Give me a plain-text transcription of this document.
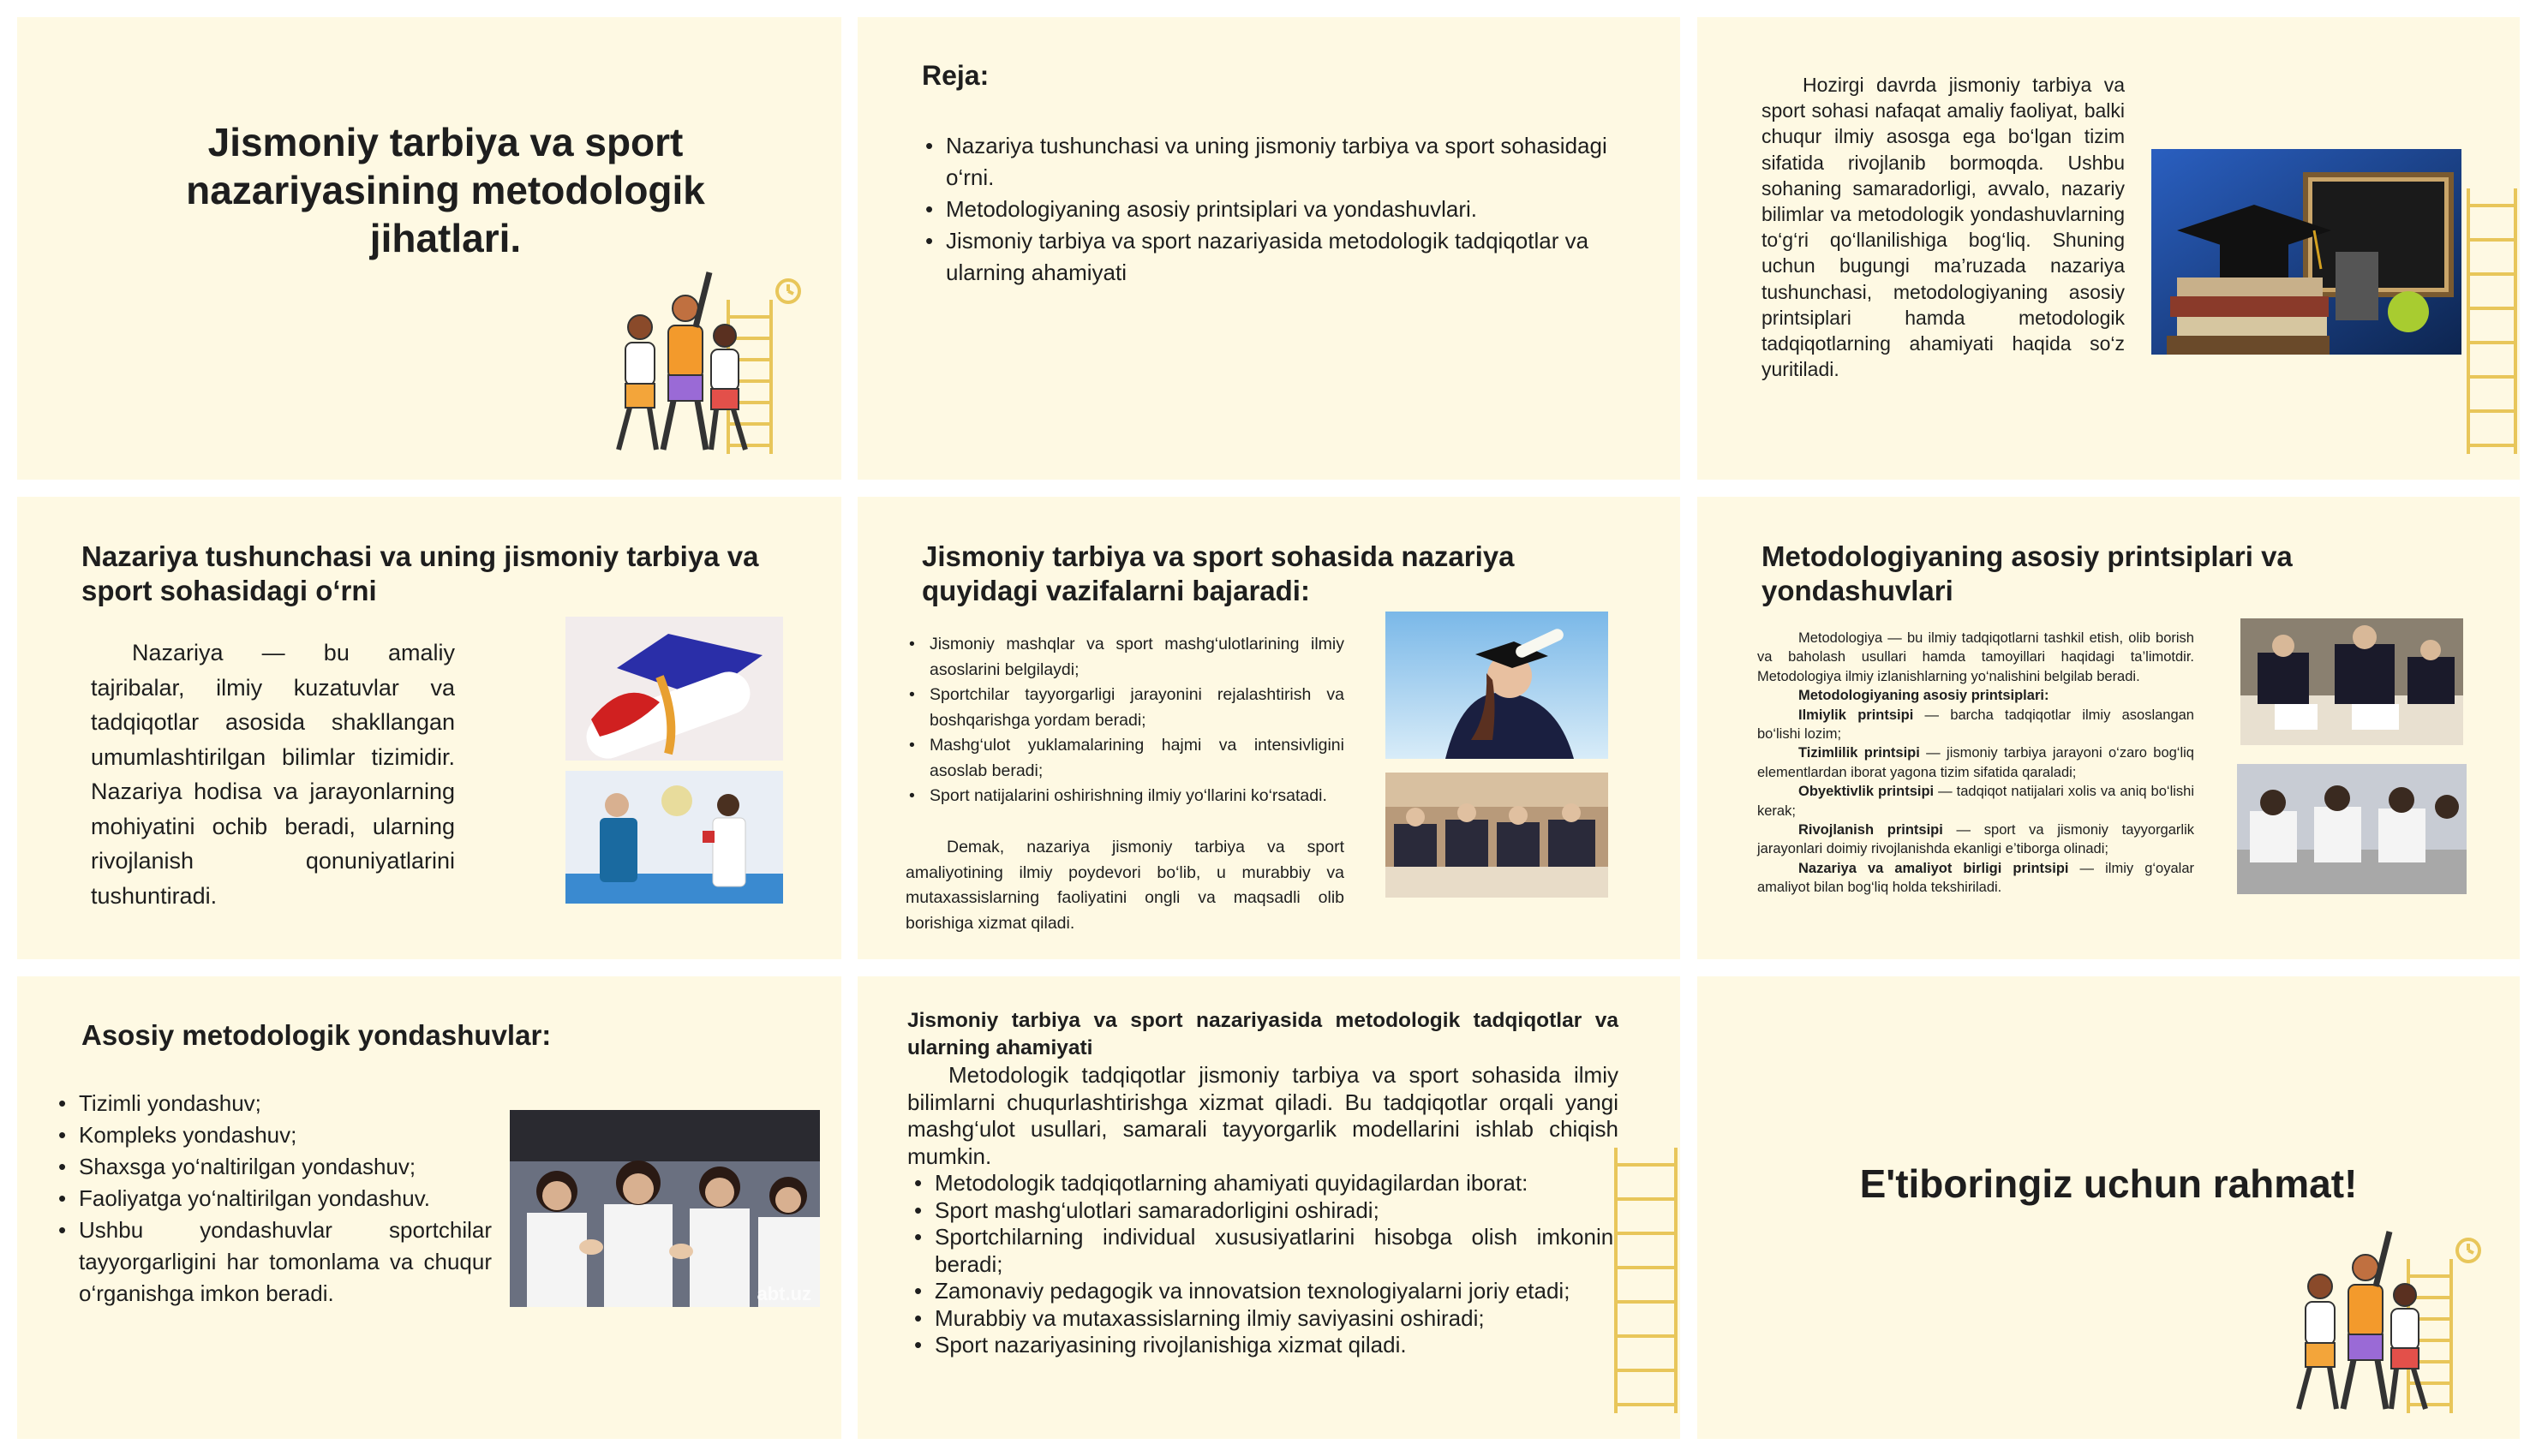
Jismoniy tarbiya va sport nazariyasining metodologik jihatlari.
Reja:
• Nazariya tushunchasi va uning jismoniy tarbiya va sport sohasidagi o‘rni.
• Metodologiyaning asosiy printsiplari va yondashuvlari.
• Jismoniy tarbiya va sport nazariyasida metodologik tadqiqotlar va ularning ahamiyati
Hozirgi davrda jismoniy tarbiya va sport sohasi nafaqat amaliy faoliyat, balki chuqur ilmiy asosga ega bo‘lgan tizim sifatida rivojlanib bormoqda. Ushbu sohaning samaradorligi, avvalo, nazariy bilimlar va metodologik yondashuvlarning to‘g‘ri qo‘llanilishiga bog‘liq. Shuning uchun bugungi ma’ruzada nazariya tushunchasi, metodologiyaning asosiy printsiplari hamda metodologik tadqiqotlarning ahamiyati haqida so‘z yuritiladi.
Nazariya tushunchasi va uning jismoniy tarbiya va sport sohasidagi o‘rni
Nazariya — bu amaliy tajribalar, ilmiy kuzatuvlar va tadqiqotlar asosida shakllangan umumlashtirilgan bilimlar tizimidir. Nazariya hodisa va jarayonlarning mohiyatini ochib beradi, ularning rivojlanish qonuniyatlarini tushuntiradi.
Jismoniy tarbiya va sport sohasida nazariya quyidagi vazifalarni bajaradi:
• Jismoniy mashqlar va sport mashg‘ulotlarining ilmiy asoslarini belgilaydi;
• Sportchilar tayyorgarligi jarayonini rejalashtirish va boshqarishga yordam beradi;
• Mashg‘ulot yuklamalarining hajmi va intensivligini asoslab beradi;
• Sport natijalarini oshirishning ilmiy yo‘llarini ko‘rsatadi.
Demak, nazariya jismoniy tarbiya va sport amaliyotining ilmiy poydevori bo‘lib, u murabbiy va mutaxassislarning faoliyatini ongli va maqsadli olib borishiga xizmat qiladi.
Metodologiyaning asosiy printsiplari va yondashuvlari
Metodologiya — bu ilmiy tadqiqotlarni tashkil etish, olib borish va baholash usullari hamda tamoyillari haqidagi ta’limotdir. Metodologiya ilmiy izlanishlarning yo‘nalishini belgilab beradi.
Metodologiyaning asosiy printsiplari:
Ilmiylik printsipi — barcha tadqiqotlar ilmiy asoslangan bo‘lishi lozim;
Tizimlilik printsipi — jismoniy tarbiya jarayoni o‘zaro bog‘liq elementlardan iborat yagona tizim sifatida qaraladi;
Obyektivlik printsipi — tadqiqot natijalari xolis va aniq bo‘lishi kerak;
Rivojlanish printsipi — sport va jismoniy tayyorgarlik jarayonlari doimiy rivojlanishda ekanligi e’tiborga olinadi;
Nazariya va amaliyot birligi printsipi — ilmiy g‘oyalar amaliyot bilan bog‘liq holda tekshiriladi.
Asosiy metodologik yondashuvlar:
• Tizimli yondashuv;
• Kompleks yondashuv;
• Shaxsga yo‘naltirilgan yondashuv;
• Faoliyatga yo‘naltirilgan yondashuv.
• Ushbu yondashuvlar sportchilar tayyorgarligini har tomonlama va chuqur o‘rganishga imkon beradi.	abt.uz
Jismoniy tarbiya va sport nazariyasida metodologik tadqiqotlar va ularning ahamiyati
Metodologik tadqiqotlar jismoniy tarbiya va sport sohasida ilmiy bilimlarni chuqurlashtirishga xizmat qiladi. Bu tadqiqotlar orqali yangi mashg‘ulot usullari, samarali tayyorgarlik modellarini ishlab chiqish mumkin.
• Metodologik tadqiqotlarning ahamiyati quyidagilardan iborat:
• Sport mashg‘ulotlari samaradorligini oshiradi;
• Sportchilarning individual xususiyatlarini hisobga olish imkonini beradi;
• Zamonaviy pedagogik va innovatsion texnologiyalarni joriy etadi;
• Murabbiy va mutaxassislarning ilmiy saviyasini oshiradi;
• Sport nazariyasining rivojlanishiga xizmat qiladi.
E'tiboringiz uchun rahmat!
